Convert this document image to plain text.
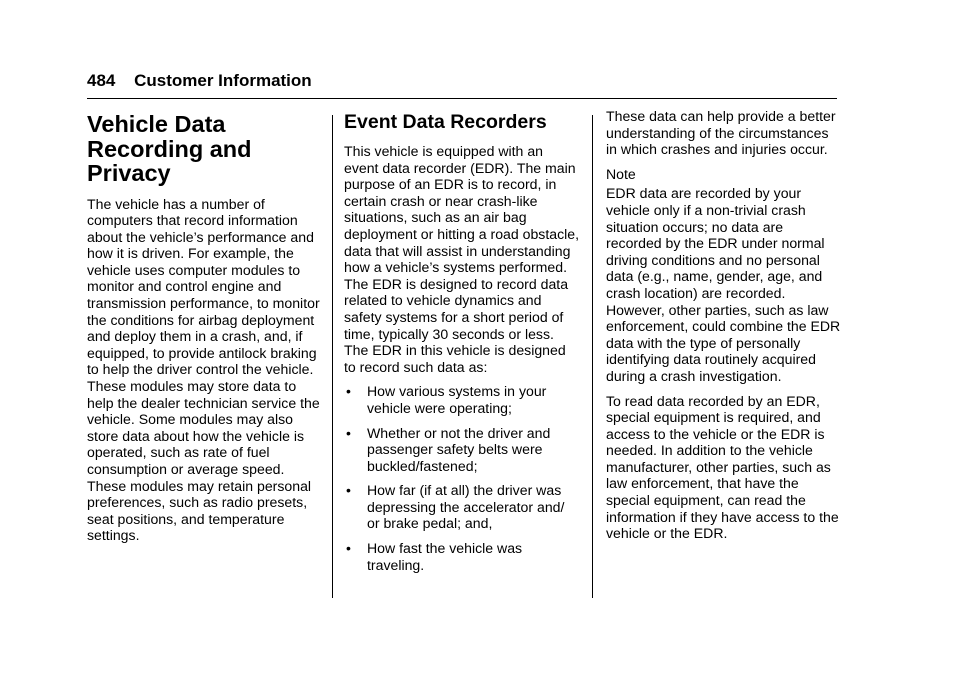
484 Customer Information
Vehicle Data Recording and Privacy

The vehicle has a number of computers that record information about the vehicle’s performance and how it is driven. For example, the vehicle uses computer modules to monitor and control engine and transmission performance, to monitor the conditions for airbag deployment and deploy them in a crash, and, if equipped, to provide antilock braking to help the driver control the vehicle. These modules may store data to help the dealer technician service the vehicle. Some modules may also store data about how the vehicle is operated, such as rate of fuel consumption or average speed. These modules may retain personal preferences, such as radio presets, seat positions, and temperature settings.

Event Data Recorders

This vehicle is equipped with an event data recorder (EDR). The main purpose of an EDR is to record, in certain crash or near crash-like situations, such as an air bag deployment or hitting a road obstacle, data that will assist in understanding how a vehicle’s systems performed. The EDR is designed to record data related to vehicle dynamics and safety systems for a short period of time, typically 30 seconds or less. The EDR in this vehicle is designed to record such data as:

• How various systems in your vehicle were operating;
• Whether or not the driver and passenger safety belts were buckled/fastened;
• How far (if at all) the driver was depressing the accelerator and/ or brake pedal; and,
• How fast the vehicle was traveling.

These data can help provide a better understanding of the circumstances in which crashes and injuries occur.

Note

EDR data are recorded by your vehicle only if a non-trivial crash situation occurs; no data are recorded by the EDR under normal driving conditions and no personal data (e.g., name, gender, age, and crash location) are recorded. However, other parties, such as law enforcement, could combine the EDR data with the type of personally identifying data routinely acquired during a crash investigation.

To read data recorded by an EDR, special equipment is required, and access to the vehicle or the EDR is needed. In addition to the vehicle manufacturer, other parties, such as law enforcement, that have the special equipment, can read the information if they have access to the vehicle or the EDR.
